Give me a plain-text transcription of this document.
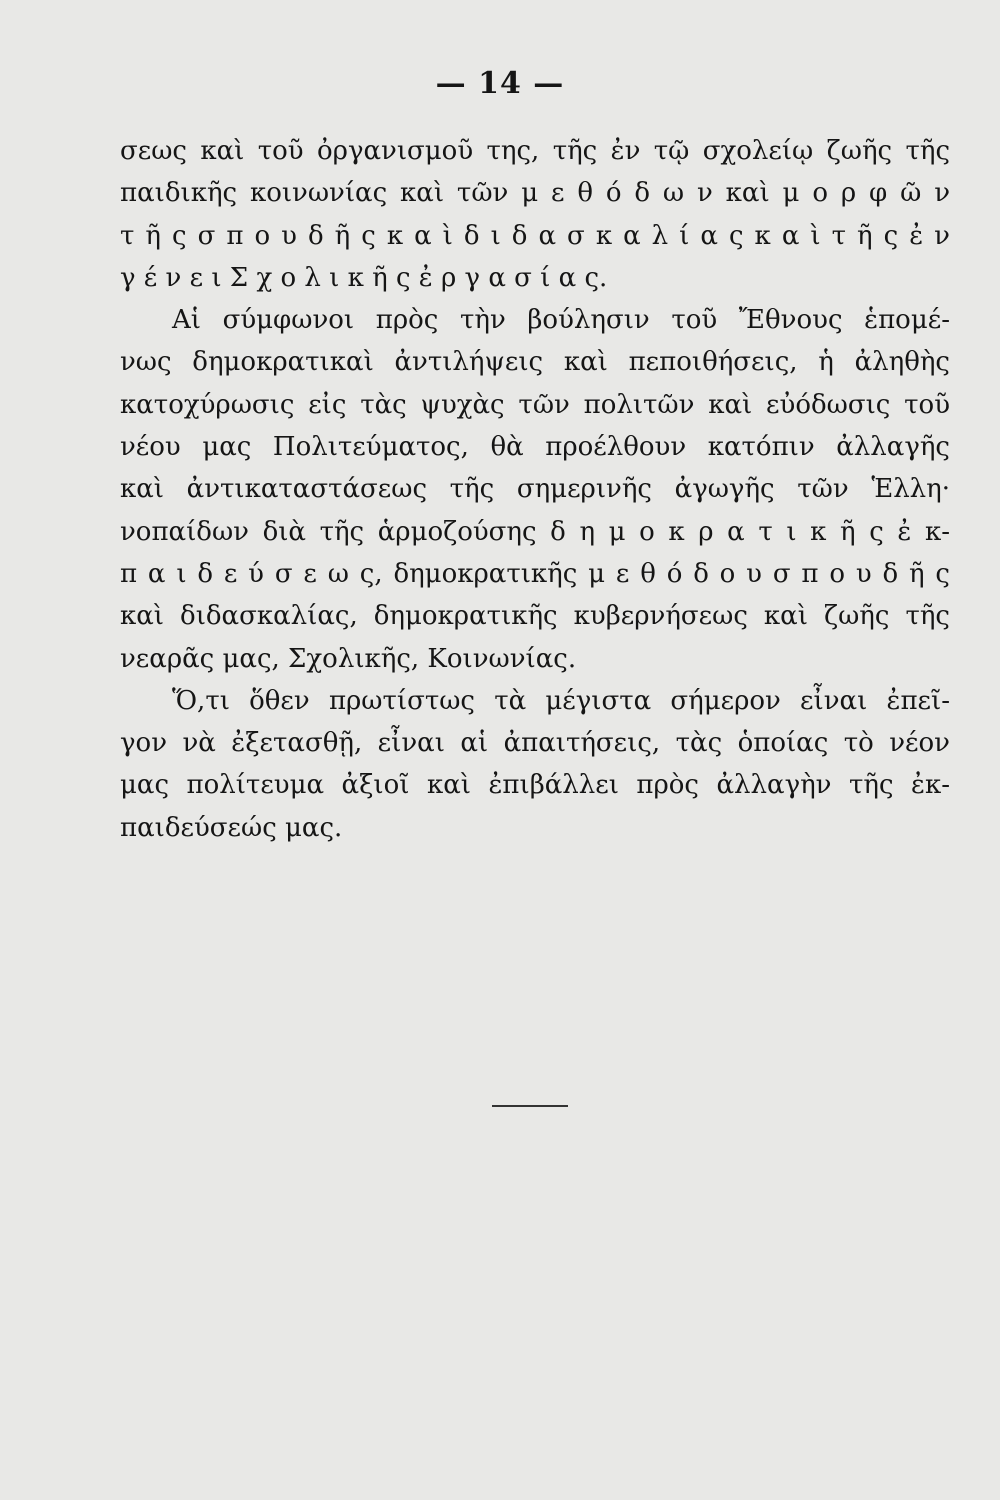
— 14 —
σεως καὶ τοῦ ὀργανισμοῦ της, τῆς ἐν τῷ σχολείῳ ζωῆς τῆς
παιδικῆς κοινωνίας καὶ τῶν μ ε θ ό δ ω ν καὶ μ ο ρ φ ῶ ν
τ ῆ ς σ π ο υ δ ῆ ς κ α ὶ δ ι δ α σ κ α λ ί α ς κ α ὶ τ ῆ ς ἐ ν
γ έ ν ε ι Σ χ ο λ ι κ ῆ ς ἐ ρ γ α σ ί α ς.
Αἱ σύμφωνοι πρὸς τὴν βούλησιν τοῦ Ἔθνους ἑπομέ-
νως δημοκρατικαὶ ἀντιλήψεις καὶ πεποιθήσεις, ἡ ἀληθὴς
κατοχύρωσις εἰς τὰς ψυχὰς τῶν πολιτῶν καὶ εὐόδωσις τοῦ
νέου μας Πολιτεύματος, θὰ προέλθουν κατόπιν ἀλλαγῆς
καὶ ἀντικαταστάσεως τῆς σημερινῆς ἀγωγῆς τῶν Ἑλλη·
νοπαίδων διὰ τῆς ἁρμοζούσης δ η μ ο κ ρ α τ ι κ ῆ ς ἐ κ-
π α ι δ ε ύ σ ε ω ς, δημοκρατικῆς μ ε θ ό δ ο υ σ π ο υ δ ῆ ς
καὶ διδασκαλίας, δημοκρατικῆς κυβερνήσεως καὶ ζωῆς τῆς
νεαρᾶς μας, Σχολικῆς, Κοινωνίας.
Ὅ,τι ὅθεν πρωτίστως τὰ μέγιστα σήμερον εἶναι ἐπεῖ-
γον νὰ ἐξετασθῇ, εἶναι αἱ ἀπαιτήσεις, τὰς ὁποίας τὸ νέον
μας πολίτευμα ἀξιοῖ καὶ ἐπιβάλλει πρὸς ἀλλαγὴν τῆς ἐκ-
παιδεύσεώς μας.
